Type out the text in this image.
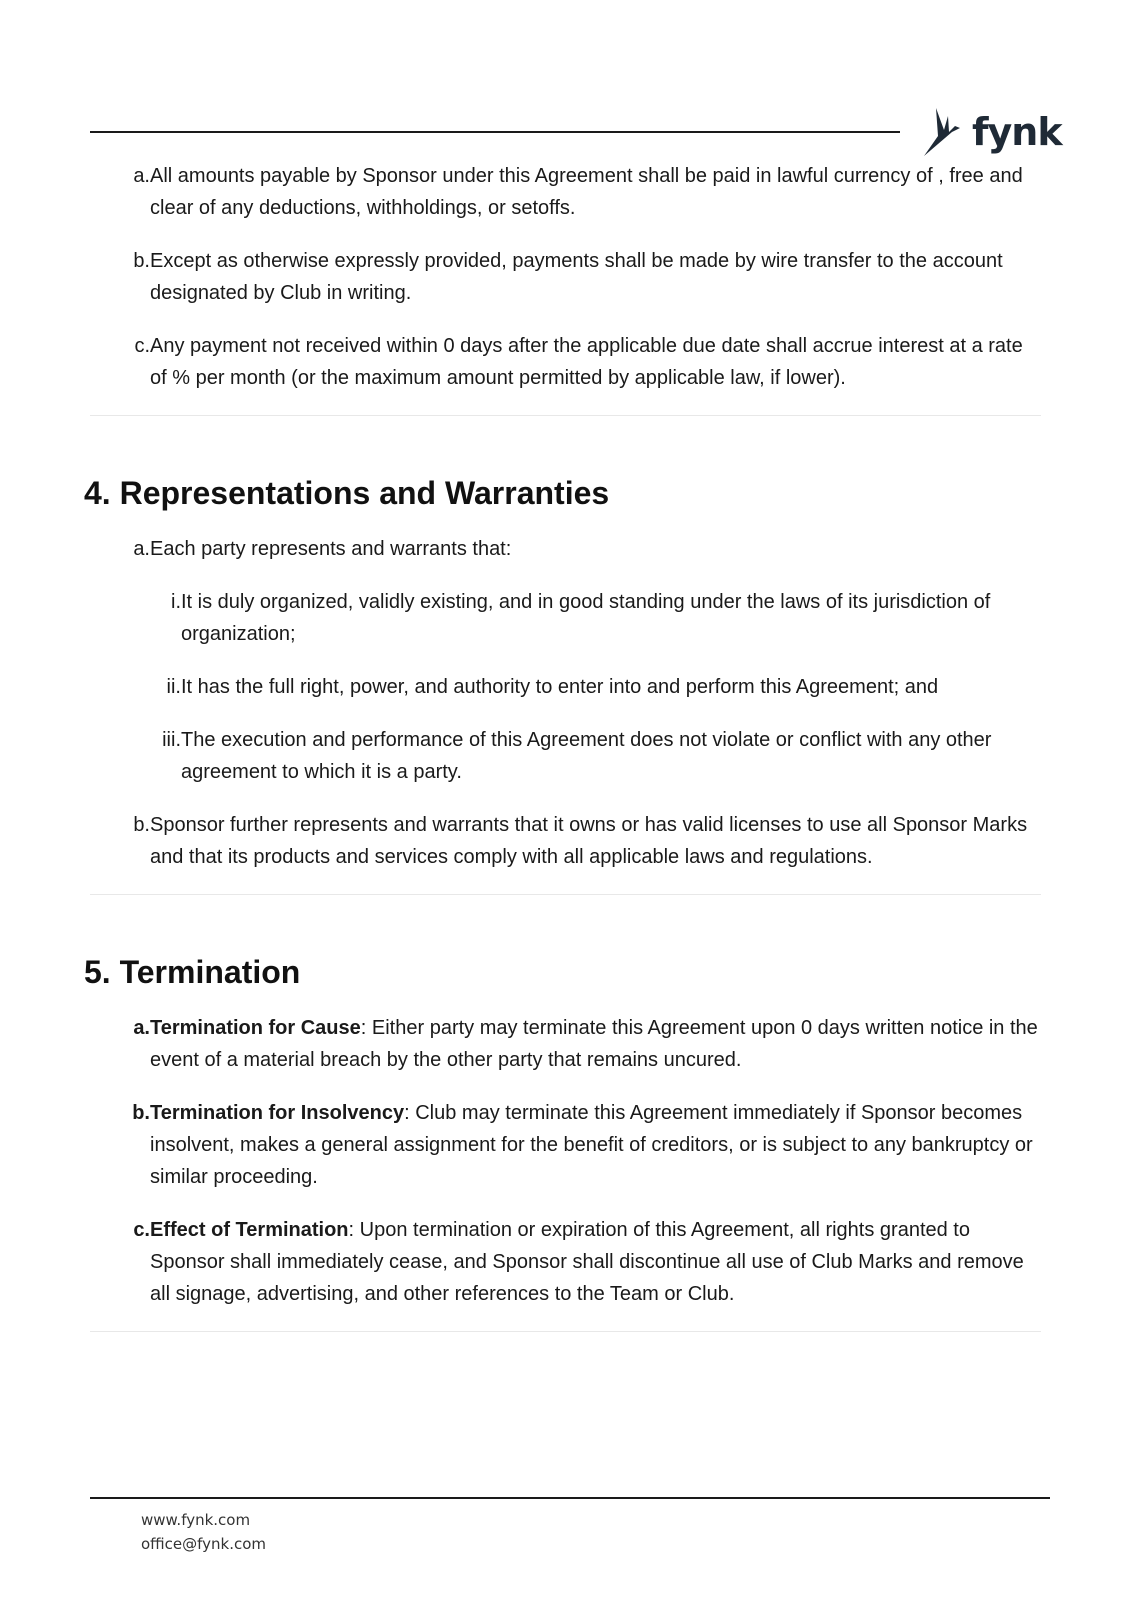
fynk
a. All amounts payable by Sponsor under this Agreement shall be paid in lawful currency of , free and clear of any deductions, withholdings, or setoffs.
b. Except as otherwise expressly provided, payments shall be made by wire transfer to the account designated by Club in writing.
c. Any payment not received within 0 days after the applicable due date shall accrue interest at a rate of % per month (or the maximum amount permitted by applicable law, if lower).
4. Representations and Warranties
a. Each party represents and warrants that:
i. It is duly organized, validly existing, and in good standing under the laws of its jurisdiction of organization;
ii. It has the full right, power, and authority to enter into and perform this Agreement; and
iii. The execution and performance of this Agreement does not violate or conflict with any other agreement to which it is a party.
b. Sponsor further represents and warrants that it owns or has valid licenses to use all Sponsor Marks and that its products and services comply with all applicable laws and regulations.
5. Termination
a. Termination for Cause: Either party may terminate this Agreement upon 0 days written notice in the event of a material breach by the other party that remains uncured.
b. Termination for Insolvency: Club may terminate this Agreement immediately if Sponsor becomes insolvent, makes a general assignment for the benefit of creditors, or is subject to any bankruptcy or similar proceeding.
c. Effect of Termination: Upon termination or expiration of this Agreement, all rights granted to Sponsor shall immediately cease, and Sponsor shall discontinue all use of Club Marks and remove all signage, advertising, and other references to the Team or Club.
www.fynk.com
office@fynk.com
